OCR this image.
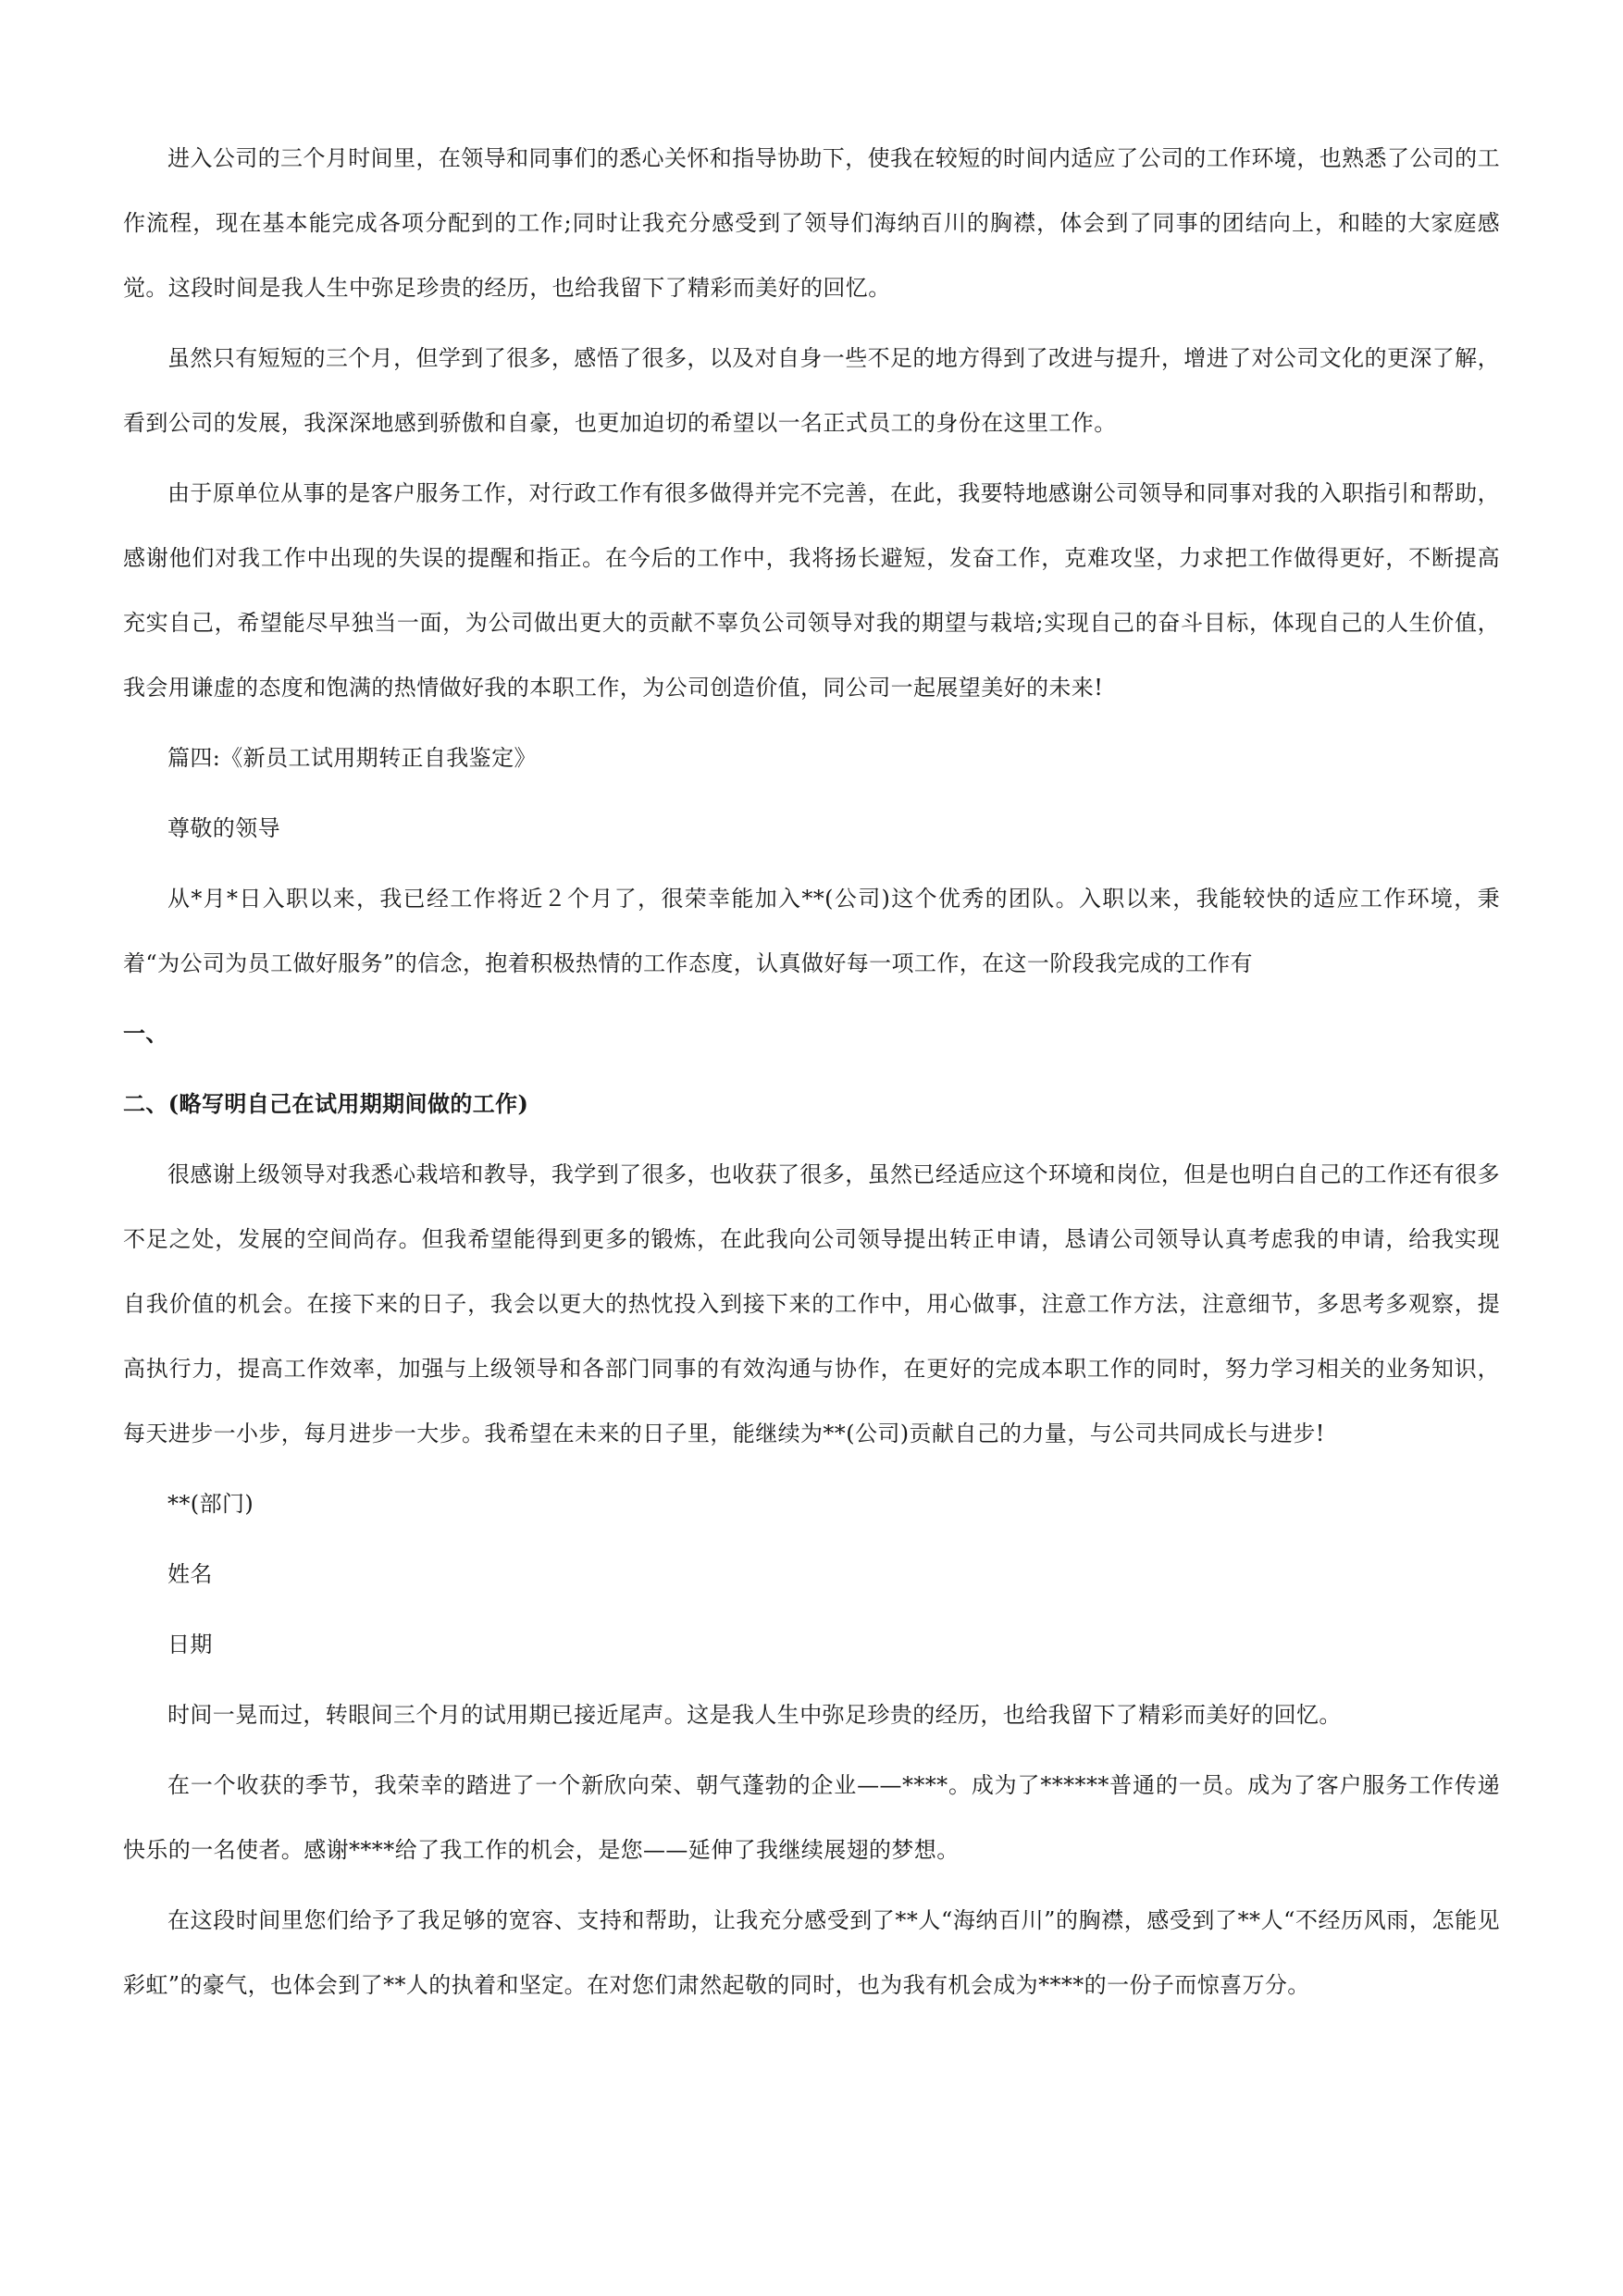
进入公司的三个月时间里，在领导和同事们的悉心关怀和指导协助下，使我在较短的时间内适应了公司的工作环境，也熟悉了公司的工作流程，现在基本能完成各项分配到的工作;同时让我充分感受到了领导们海纳百川的胸襟，体会到了同事的团结向上，和睦的大家庭感觉。这段时间是我人生中弥足珍贵的经历，也给我留下了精彩而美好的回忆。

虽然只有短短的三个月，但学到了很多，感悟了很多，以及对自身一些不足的地方得到了改进与提升，增进了对公司文化的更深了解，看到公司的发展，我深深地感到骄傲和自豪，也更加迫切的希望以一名正式员工的身份在这里工作。

由于原单位从事的是客户服务工作，对行政工作有很多做得并完不完善，在此，我要特地感谢公司领导和同事对我的入职指引和帮助，感谢他们对我工作中出现的失误的提醒和指正。在今后的工作中，我将扬长避短，发奋工作，克难攻坚，力求把工作做得更好，不断提高充实自己，希望能尽早独当一面，为公司做出更大的贡献不辜负公司领导对我的期望与栽培;实现自己的奋斗目标，体现自己的人生价值，我会用谦虚的态度和饱满的热情做好我的本职工作，为公司创造价值，同公司一起展望美好的未来!

篇四:《新员工试用期转正自我鉴定》

尊敬的领导

从*月*日入职以来，我已经工作将近２个月了，很荣幸能加入**(公司)这个优秀的团队。入职以来，我能较快的适应工作环境，秉着“为公司为员工做好服务”的信念，抱着积极热情的工作态度，认真做好每一项工作，在这一阶段我完成的工作有

一、

二、(略写明自己在试用期期间做的工作)

很感谢上级领导对我悉心栽培和教导，我学到了很多，也收获了很多，虽然已经适应这个环境和岗位，但是也明白自己的工作还有很多不足之处，发展的空间尚存。但我希望能得到更多的锻炼，在此我向公司领导提出转正申请，恳请公司领导认真考虑我的申请，给我实现自我价值的机会。在接下来的日子，我会以更大的热忱投入到接下来的工作中，用心做事，注意工作方法，注意细节，多思考多观察，提高执行力，提高工作效率，加强与上级领导和各部门同事的有效沟通与协作，在更好的完成本职工作的同时，努力学习相关的业务知识，每天进步一小步，每月进步一大步。我希望在未来的日子里，能继续为**(公司)贡献自己的力量，与公司共同成长与进步!

**(部门)

姓名

日期

时间一晃而过，转眼间三个月的试用期已接近尾声。这是我人生中弥足珍贵的经历，也给我留下了精彩而美好的回忆。

在一个收获的季节，我荣幸的踏进了一个新欣向荣、朝气蓬勃的企业——****。成为了******普通的一员。成为了客户服务工作传递快乐的一名使者。感谢****给了我工作的机会，是您——延伸了我继续展翅的梦想。

在这段时间里您们给予了我足够的宽容、支持和帮助，让我充分感受到了**人“海纳百川”的胸襟，感受到了**人“不经历风雨，怎能见彩虹”的豪气，也体会到了**人的执着和坚定。在对您们肃然起敬的同时，也为我有机会成为****的一份子而惊喜万分。
